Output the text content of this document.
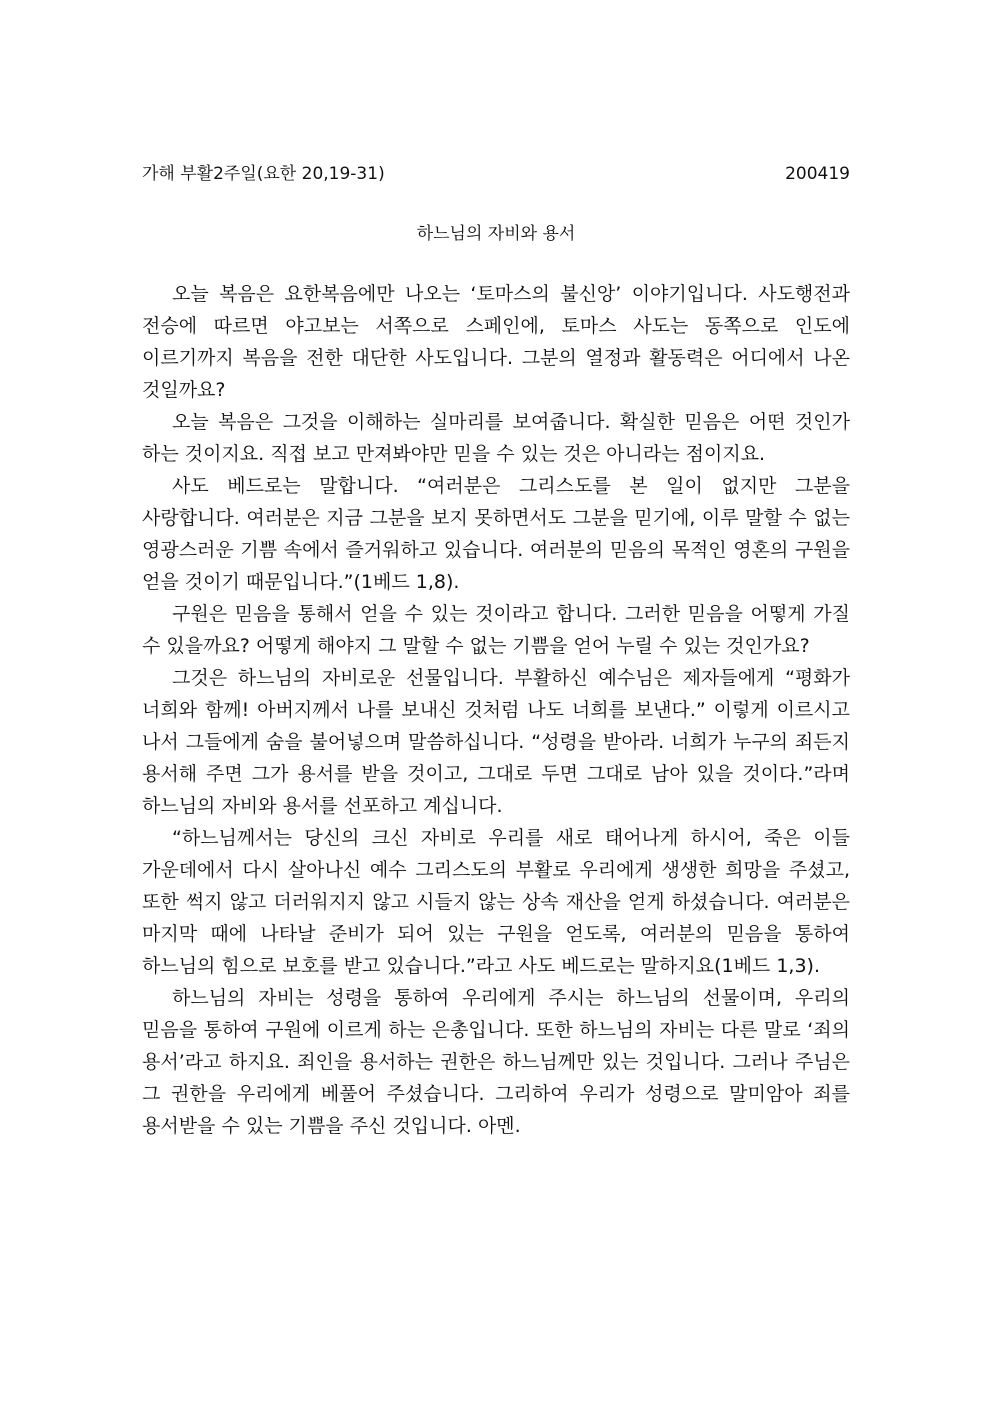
가해 부활2주일(요한 20,19-31)	200419
하느님의 자비와 용서

오늘 복음은 요한복음에만 나오는 ‘토마스의 불신앙’ 이야기입니다. 사도행전과 전승에 따르면 야고보는 서쪽으로 스페인에, 토마스 사도는 동쪽으로 인도에 이르기까지 복음을 전한 대단한 사도입니다. 그분의 열정과 활동력은 어디에서 나온 것일까요?

오늘 복음은 그것을 이해하는 실마리를 보여줍니다. 확실한 믿음은 어떤 것인가 하는 것이지요. 직접 보고 만져봐야만 믿을 수 있는 것은 아니라는 점이지요.

사도 베드로는 말합니다. “여러분은 그리스도를 본 일이 없지만 그분을 사랑합니다. 여러분은 지금 그분을 보지 못하면서도 그분을 믿기에, 이루 말할 수 없는 영광스러운 기쁨 속에서 즐거워하고 있습니다. 여러분의 믿음의 목적인 영혼의 구원을 얻을 것이기 때문입니다.”(1베드 1,8).

구원은 믿음을 통해서 얻을 수 있는 것이라고 합니다. 그러한 믿음을 어떻게 가질 수 있을까요? 어떻게 해야지 그 말할 수 없는 기쁨을 얻어 누릴 수 있는 것인가요?

그것은 하느님의 자비로운 선물입니다. 부활하신 예수님은 제자들에게 “평화가 너희와 함께! 아버지께서 나를 보내신 것처럼 나도 너희를 보낸다.” 이렇게 이르시고 나서 그들에게 숨을 불어넣으며 말씀하십니다. “성령을 받아라. 너희가 누구의 죄든지 용서해 주면 그가 용서를 받을 것이고, 그대로 두면 그대로 남아 있을 것이다.”라며 하느님의 자비와 용서를 선포하고 계십니다.

“하느님께서는 당신의 크신 자비로 우리를 새로 태어나게 하시어, 죽은 이들 가운데에서 다시 살아나신 예수 그리스도의 부활로 우리에게 생생한 희망을 주셨고, 또한 썩지 않고 더러워지지 않고 시들지 않는 상속 재산을 얻게 하셨습니다. 여러분은 마지막 때에 나타날 준비가 되어 있는 구원을 얻도록, 여러분의 믿음을 통하여 하느님의 힘으로 보호를 받고 있습니다.”라고 사도 베드로는 말하지요(1베드 1,3).

하느님의 자비는 성령을 통하여 우리에게 주시는 하느님의 선물이며, 우리의 믿음을 통하여 구원에 이르게 하는 은총입니다. 또한 하느님의 자비는 다른 말로 ‘죄의 용서’라고 하지요. 죄인을 용서하는 권한은 하느님께만 있는 것입니다. 그러나 주님은 그 권한을 우리에게 베풀어 주셨습니다. 그리하여 우리가 성령으로 말미암아 죄를 용서받을 수 있는 기쁨을 주신 것입니다. 아멘.
